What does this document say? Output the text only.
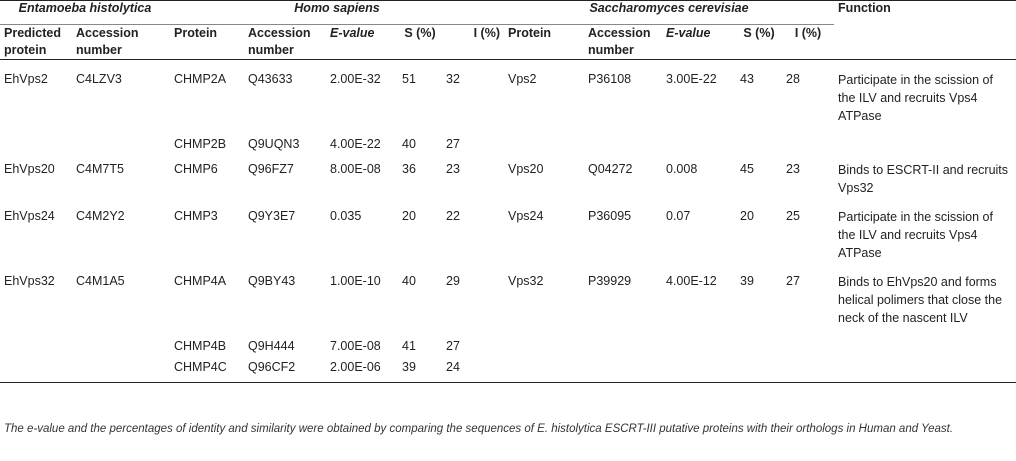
Entamoeba histolytica		Homo sapiens					Saccharomyces cerevisiae					Function

Predicted protein	Accession number	Protein	Accession number	E-value	S (%)	I (%)	Protein	Accession number	E-value	S (%)	I (%)	

EhVps2	C4LZV3	CHMP2A	Q43633	2.00E-32	51	32	Vps2	P36108	3.00E-22	43	28	Participate in the scission of the ILV and recruits Vps4 ATPase
		CHMP2B	Q9UQN3	4.00E-22	40	27						
EhVps20	C4M7T5	CHMP6	Q96FZ7	8.00E-08	36	23	Vps20	Q04272	0.008	45	23	Binds to ESCRT-II and recruits Vps32
EhVps24	C4M2Y2	CHMP3	Q9Y3E7	0.035	20	22	Vps24	P36095	0.07	20	25	Participate in the scission of the ILV and recruits Vps4 ATPase
EhVps32	C4M1A5	CHMP4A	Q9BY43	1.00E-10	40	29	Vps32	P39929	4.00E-12	39	27	Binds to EhVps20 and forms helical polimers that close the neck of the nascent ILV
		CHMP4B	Q9H444	7.00E-08	41	27						
		CHMP4C	Q96CF2	2.00E-06	39	24						

The e-value and the percentages of identity and similarity were obtained by comparing the sequences of E. histolytica ESCRT-III putative proteins with their orthologs in Human and Yeast.
